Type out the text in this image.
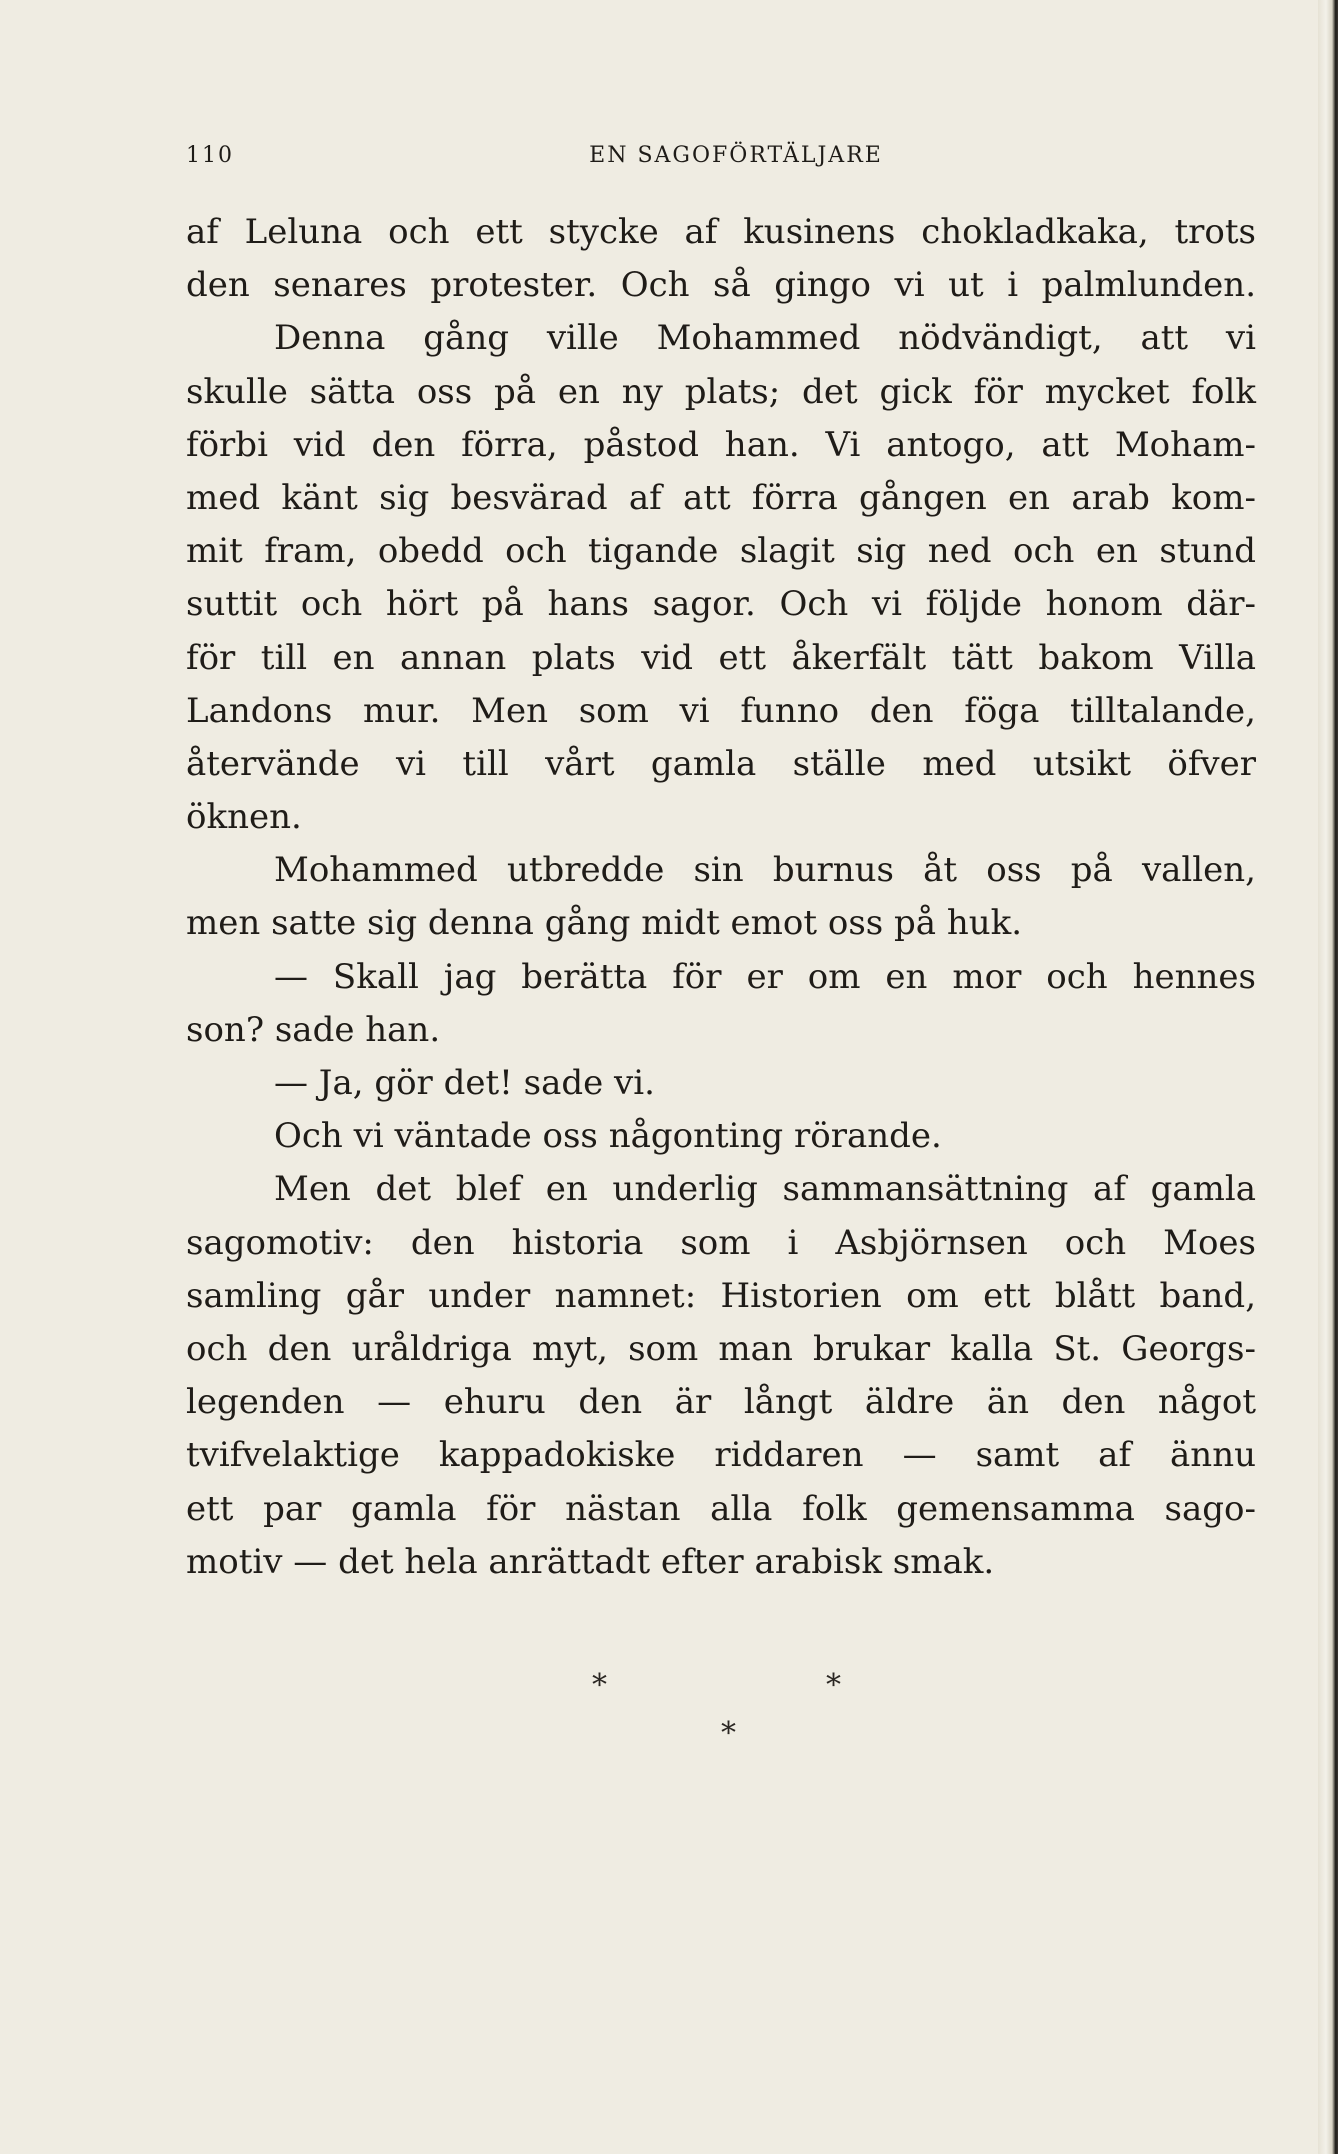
110	EN SAGOFÖRTÄLJARE
af Leluna och ett stycke af kusinens chokladkaka, trots
den senares protester. Och så gingo vi ut i palmlunden.
Denna gång ville Mohammed nödvändigt, att vi
skulle sätta oss på en ny plats; det gick för mycket folk
förbi vid den förra, påstod han. Vi antogo, att Moham-
med känt sig besvärad af att förra gången en arab kom-
mit fram, obedd och tigande slagit sig ned och en stund
suttit och hört på hans sagor. Och vi följde honom där-
för till en annan plats vid ett åkerfält tätt bakom Villa
Landons mur. Men som vi funno den föga tilltalande,
återvände vi till vårt gamla ställe med utsikt öfver
öknen.
Mohammed utbredde sin burnus åt oss på vallen,
men satte sig denna gång midt emot oss på huk.
— Skall jag berätta för er om en mor och hennes
son? sade han.
— Ja, gör det! sade vi.
Och vi väntade oss någonting rörande.
Men det blef en underlig sammansättning af gamla
sagomotiv: den historia som i Asbjörnsen och Moes
samling går under namnet: Historien om ett blått band,
och den uråldriga myt, som man brukar kalla St. Georgs-
legenden — ehuru den är långt äldre än den något
tvifvelaktige kappadokiske riddaren — samt af ännu
ett par gamla för nästan alla folk gemensamma sago-
motiv — det hela anrättadt efter arabisk smak.
*	*
*
